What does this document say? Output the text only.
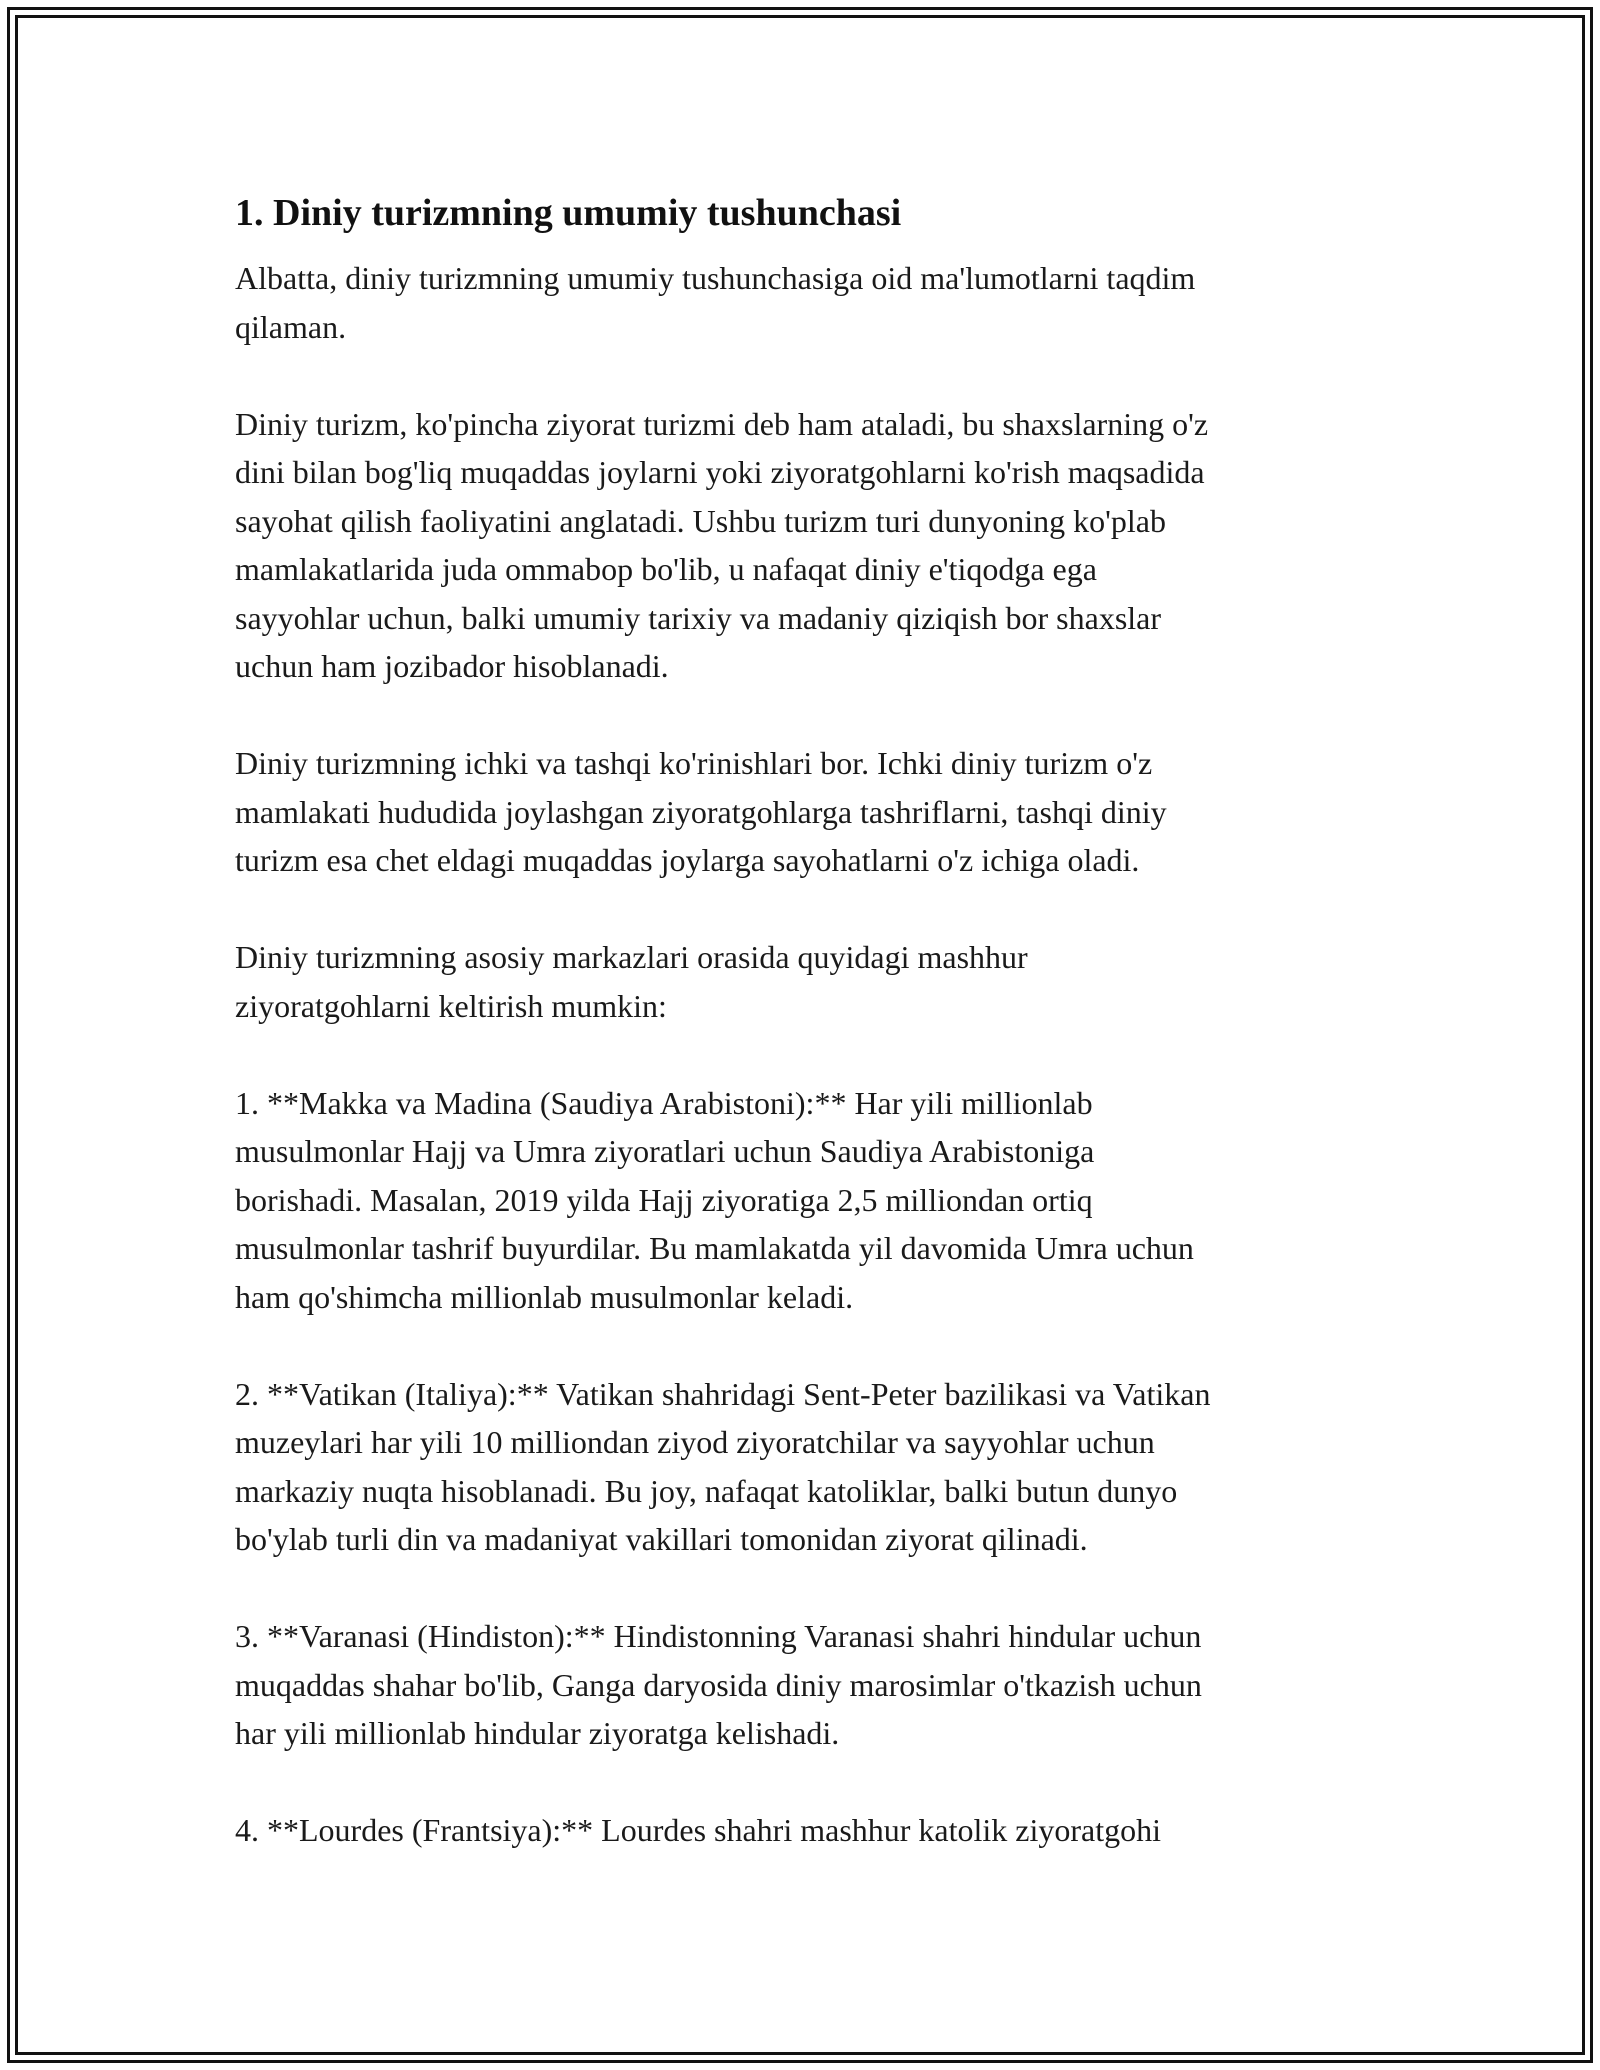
1. Diniy turizmning umumiy tushunchasi

Albatta, diniy turizmning umumiy tushunchasiga oid ma'lumotlarni taqdim
qilaman.

Diniy turizm, ko'pincha ziyorat turizmi deb ham ataladi, bu shaxslarning o'z
dini bilan bog'liq muqaddas joylarni yoki ziyoratgohlarni ko'rish maqsadida
sayohat qilish faoliyatini anglatadi. Ushbu turizm turi dunyoning ko'plab
mamlakatlarida juda ommabop bo'lib, u nafaqat diniy e'tiqodga ega
sayyohlar uchun, balki umumiy tarixiy va madaniy qiziqish bor shaxslar
uchun ham jozibador hisoblanadi.

Diniy turizmning ichki va tashqi ko'rinishlari bor. Ichki diniy turizm o'z
mamlakati hududida joylashgan ziyoratgohlarga tashriflarni, tashqi diniy
turizm esa chet eldagi muqaddas joylarga sayohatlarni o'z ichiga oladi.

Diniy turizmning asosiy markazlari orasida quyidagi mashhur
ziyoratgohlarni keltirish mumkin:

1. **Makka va Madina (Saudiya Arabistoni):** Har yili millionlab
musulmonlar Hajj va Umra ziyoratlari uchun Saudiya Arabistoniga
borishadi. Masalan, 2019 yilda Hajj ziyoratiga 2,5 milliondan ortiq
musulmonlar tashrif buyurdilar. Bu mamlakatda yil davomida Umra uchun
ham qo'shimcha millionlab musulmonlar keladi.

2. **Vatikan (Italiya):** Vatikan shahridagi Sent-Peter bazilikasi va Vatikan
muzeylari har yili 10 milliondan ziyod ziyoratchilar va sayyohlar uchun
markaziy nuqta hisoblanadi. Bu joy, nafaqat katoliklar, balki butun dunyo
bo'ylab turli din va madaniyat vakillari tomonidan ziyorat qilinadi.

3. **Varanasi (Hindiston):** Hindistonning Varanasi shahri hindular uchun
muqaddas shahar bo'lib, Ganga daryosida diniy marosimlar o'tkazish uchun
har yili millionlab hindular ziyoratga kelishadi.

4. **Lourdes (Frantsiya):** Lourdes shahri mashhur katolik ziyoratgohi
